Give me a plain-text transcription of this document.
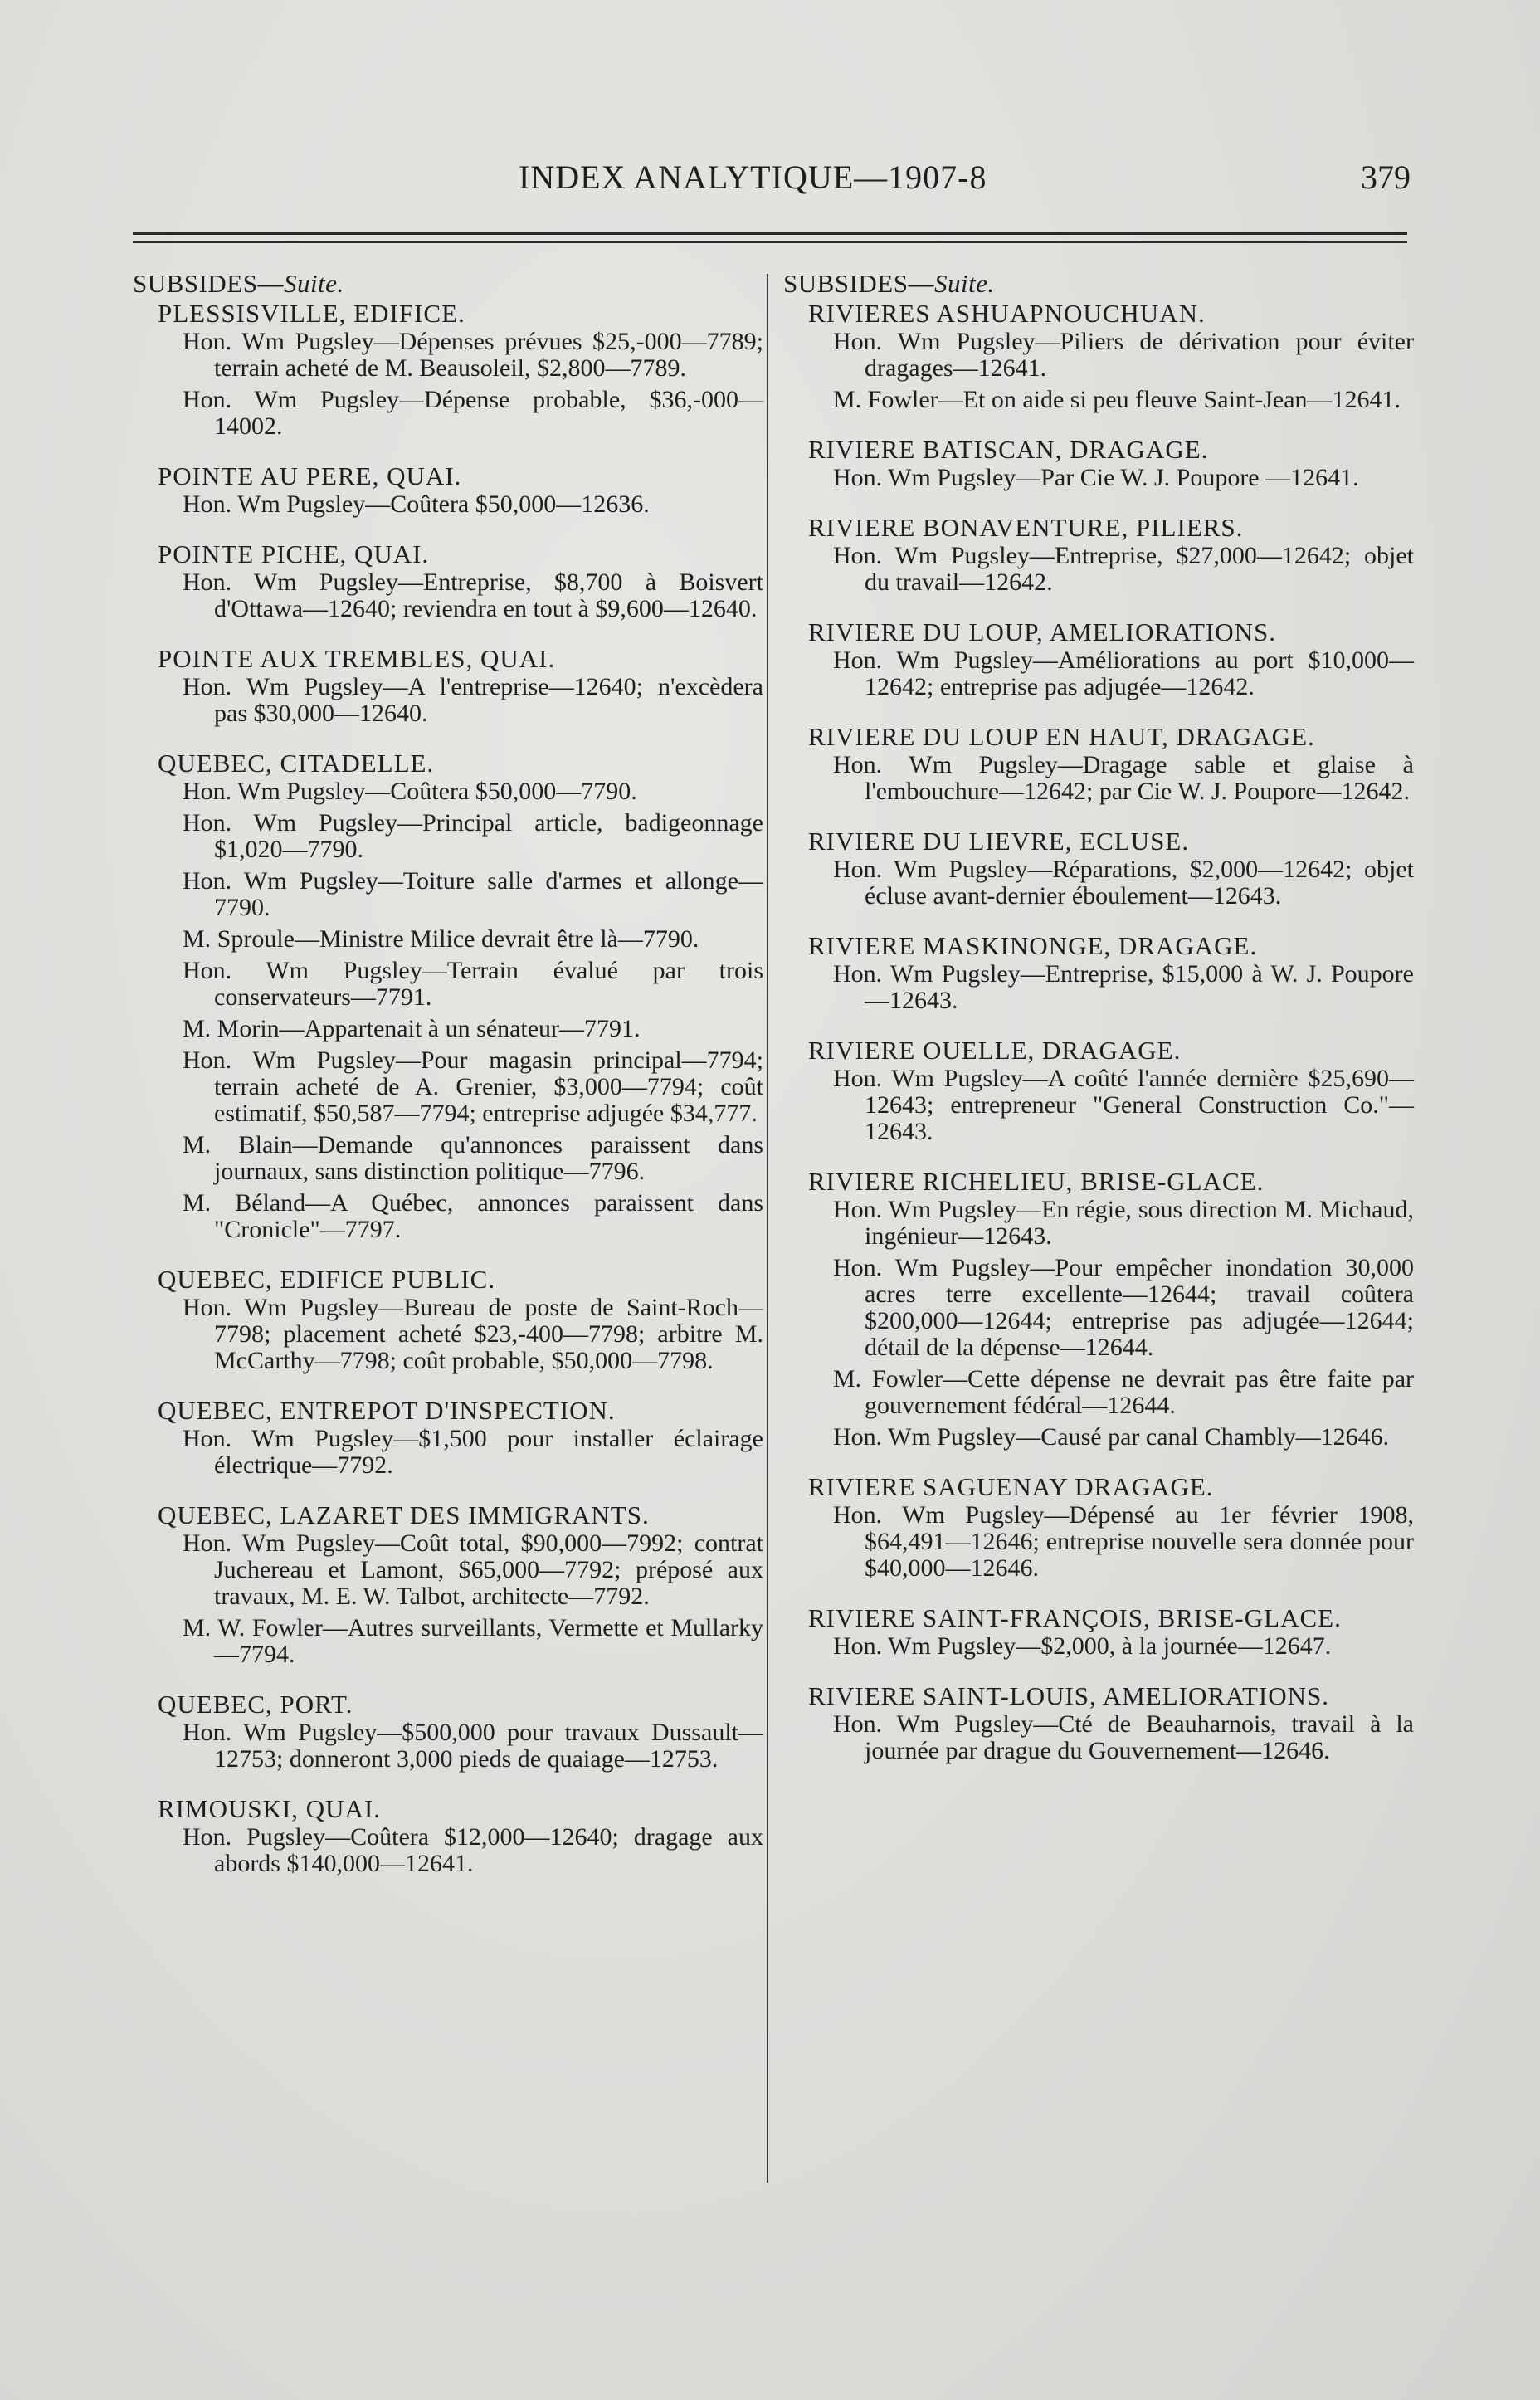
INDEX ANALYTIQUE—1907-8	379
SUBSIDES—Suite.
PLESSISVILLE, EDIFICE.
Hon. Wm Pugsley—Dépenses prévues $25,-000—7789; terrain acheté de M. Beausoleil, $2,800—7789.
Hon. Wm Pugsley—Dépense probable, $36,-000—14002.
POINTE AU PERE, QUAI.
Hon. Wm Pugsley—Coûtera $50,000—12636.
POINTE PICHE, QUAI.
Hon. Wm Pugsley—Entreprise, $8,700 à Boisvert d'Ottawa—12640; reviendra en tout à $9,600—12640.
POINTE AUX TREMBLES, QUAI.
Hon. Wm Pugsley—A l'entreprise—12640; n'excèdera pas $30,000—12640.
QUEBEC, CITADELLE.
Hon. Wm Pugsley—Coûtera $50,000—7790.
Hon. Wm Pugsley—Principal article, badigeonnage $1,020—7790.
Hon. Wm Pugsley—Toiture salle d'armes et allonge—7790.
M. Sproule—Ministre Milice devrait être là—7790.
Hon. Wm Pugsley—Terrain évalué par trois conservateurs—7791.
M. Morin—Appartenait à un sénateur—7791.
Hon. Wm Pugsley—Pour magasin principal—7794; terrain acheté de A. Grenier, $3,000—7794; coût estimatif, $50,587—7794; entreprise adjugée $34,777.
M. Blain—Demande qu'annonces paraissent dans journaux, sans distinction politique—7796.
M. Béland—A Québec, annonces paraissent dans "Cronicle"—7797.
QUEBEC, EDIFICE PUBLIC.
Hon. Wm Pugsley—Bureau de poste de Saint-Roch—7798; placement acheté $23,-400—7798; arbitre M. McCarthy—7798; coût probable, $50,000—7798.
QUEBEC, ENTREPOT D'INSPECTION.
Hon. Wm Pugsley—$1,500 pour installer éclairage électrique—7792.
QUEBEC, LAZARET DES IMMIGRANTS.
Hon. Wm Pugsley—Coût total, $90,000—7992; contrat Juchereau et Lamont, $65,000—7792; préposé aux travaux, M. E. W. Talbot, architecte—7792.
M. W. Fowler—Autres surveillants, Vermette et Mullarky—7794.
QUEBEC, PORT.
Hon. Wm Pugsley—$500,000 pour travaux Dussault—12753; donneront 3,000 pieds de quaiage—12753.
RIMOUSKI, QUAI.
Hon. Pugsley—Coûtera $12,000—12640; dragage aux abords $140,000—12641.
SUBSIDES—Suite.
RIVIERES ASHUAPNOUCHUAN.
Hon. Wm Pugsley—Piliers de dérivation pour éviter dragages—12641.
M. Fowler—Et on aide si peu fleuve Saint-Jean—12641.
RIVIERE BATISCAN, DRAGAGE.
Hon. Wm Pugsley—Par Cie W. J. Poupore —12641.
RIVIERE BONAVENTURE, PILIERS.
Hon. Wm Pugsley—Entreprise, $27,000—12642; objet du travail—12642.
RIVIERE DU LOUP, AMELIORATIONS.
Hon. Wm Pugsley—Améliorations au port $10,000—12642; entreprise pas adjugée—12642.
RIVIERE DU LOUP EN HAUT, DRAGAGE.
Hon. Wm Pugsley—Dragage sable et glaise à l'embouchure—12642; par Cie W. J. Poupore—12642.
RIVIERE DU LIEVRE, ECLUSE.
Hon. Wm Pugsley—Réparations, $2,000—12642; objet écluse avant-dernier éboulement—12643.
RIVIERE MASKINONGE, DRAGAGE.
Hon. Wm Pugsley—Entreprise, $15,000 à W. J. Poupore—12643.
RIVIERE OUELLE, DRAGAGE.
Hon. Wm Pugsley—A coûté l'année dernière $25,690—12643; entrepreneur "General Construction Co."—12643.
RIVIERE RICHELIEU, BRISE-GLACE.
Hon. Wm Pugsley—En régie, sous direction M. Michaud, ingénieur—12643.
Hon. Wm Pugsley—Pour empêcher inondation 30,000 acres terre excellente—12644; travail coûtera $200,000—12644; entreprise pas adjugée—12644; détail de la dépense—12644.
M. Fowler—Cette dépense ne devrait pas être faite par gouvernement fédéral—12644.
Hon. Wm Pugsley—Causé par canal Chambly—12646.
RIVIERE SAGUENAY DRAGAGE.
Hon. Wm Pugsley—Dépensé au 1er février 1908, $64,491—12646; entreprise nouvelle sera donnée pour $40,000—12646.
RIVIERE SAINT-FRANÇOIS, BRISE-GLACE.
Hon. Wm Pugsley—$2,000, à la journée—12647.
RIVIERE SAINT-LOUIS, AMELIORATIONS.
Hon. Wm Pugsley—Cté de Beauharnois, travail à la journée par drague du Gouvernement—12646.
